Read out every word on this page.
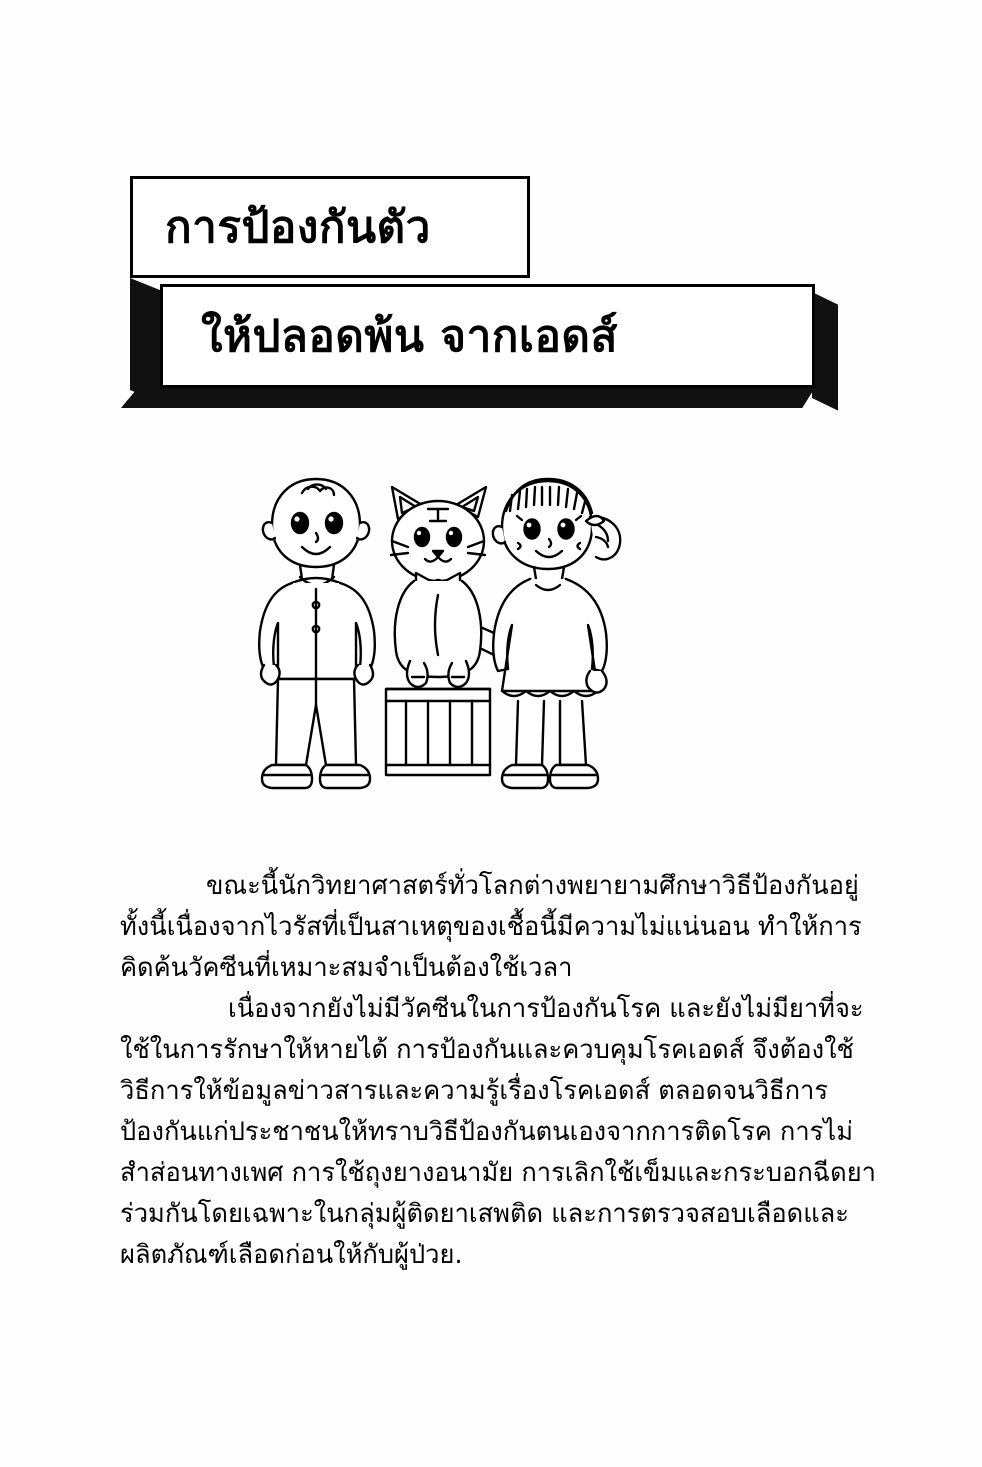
การป้องกันตัว
ให้ปลอดพ้น จากเอดส์

ขณะนี้นักวิทยาศาสตร์ทั่วโลกต่างพยายามศึกษาวิธีป้องกันอยู่ ทั้งนี้เนื่องจากไวรัสที่เป็นสาเหตุของเชื้อนี้มีความไม่แน่นอน ทำให้การคิดค้นวัคซีนที่เหมาะสมจำเป็นต้องใช้เวลา

เนื่องจากยังไม่มีวัคซีนในการป้องกันโรค และยังไม่มียาที่จะใช้ในการรักษาให้หายได้ การป้องกันและควบคุมโรคเอดส์ จึงต้องใช้วิธีการให้ข้อมูลข่าวสารและความรู้เรื่องโรคเอดส์ ตลอดจนวิธีการป้องกันแก่ประชาชนให้ทราบวิธีป้องกันตนเองจากการติดโรค การไม่สำส่อนทางเพศ การใช้ถุงยางอนามัย การเลิกใช้เข็มและกระบอกฉีดยาร่วมกันโดยเฉพาะในกลุ่มผู้ติดยาเสพติด และการตรวจสอบเลือดและผลิตภัณฑ์เลือดก่อนให้กับผู้ป่วย.
